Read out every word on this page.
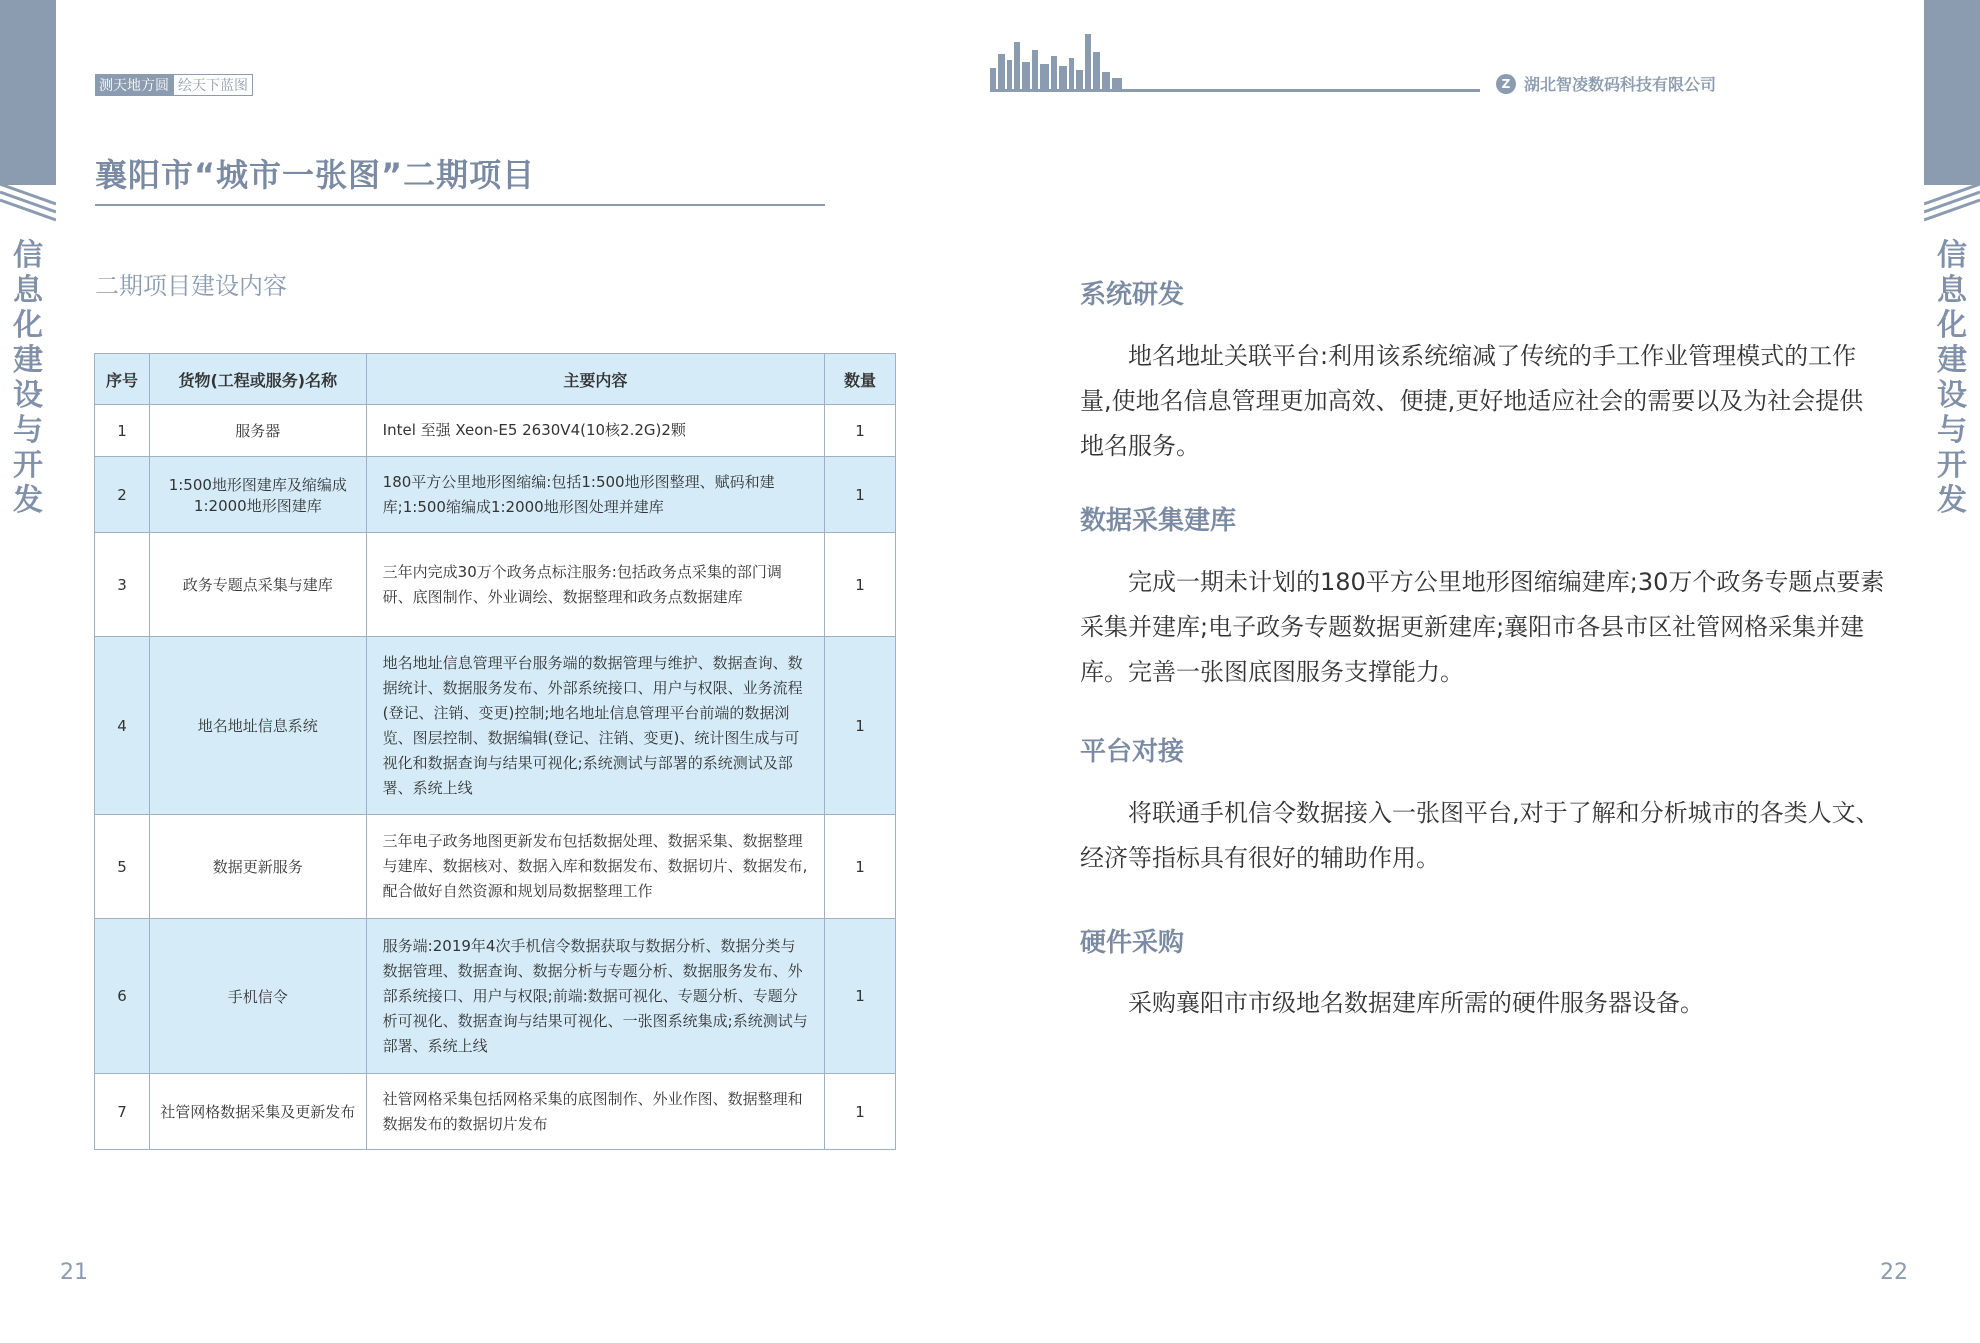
信
息
化
建
设
与
开
发
测天地方圆 绘天下蓝图
襄阳市“城市一张图”二期项目
二期项目建设内容
序号	货物(工程或服务)名称	主要内容	数量
1	服务器	Intel 至强 Xeon-E5 2630V4(10核2.2G)2颗	1
2	1:500地形图建库及缩编成1:2000地形图建库	180平方公里地形图缩编:包括1:500地形图整理、赋码和建库;1:500缩编成1:2000地形图处理并建库	1
3	政务专题点采集与建库	三年内完成30万个政务点标注服务:包括政务点采集的部门调研、底图制作、外业调绘、数据整理和政务点数据建库	1
4	地名地址信息系统	地名地址信息管理平台服务端的数据管理与维护、数据查询、数据统计、数据服务发布、外部系统接口、用户与权限、业务流程(登记、注销、变更)控制;地名地址信息管理平台前端的数据浏览、图层控制、数据编辑(登记、注销、变更)、统计图生成与可视化和数据查询与结果可视化;系统测试与部署的系统测试及部署、系统上线	1
5	数据更新服务	三年电子政务地图更新发布包括数据处理、数据采集、数据整理与建库、数据核对、数据入库和数据发布、数据切片、数据发布,配合做好自然资源和规划局数据整理工作	1
6	手机信令	服务端:2019年4次手机信令数据获取与数据分析、数据分类与数据管理、数据查询、数据分析与专题分析、数据服务发布、外部系统接口、用户与权限;前端:数据可视化、专题分析、专题分析可视化、数据查询与结果可视化、一张图系统集成;系统测试与部署、系统上线	1
7	社管网格数据采集及更新发布	社管网格采集包括网格采集的底图制作、外业作图、数据整理和数据发布的数据切片发布	1
21
Z 湖北智凌数码科技有限公司
系统研发
地名地址关联平台:利用该系统缩减了传统的手工作业管理模式的工作量,使地名信息管理更加高效、便捷,更好地适应社会的需要以及为社会提供地名服务。
数据采集建库
完成一期未计划的180平方公里地形图缩编建库;30万个政务专题点要素采集并建库;电子政务专题数据更新建库;襄阳市各县市区社管网格采集并建库。完善一张图底图服务支撑能力。
平台对接
将联通手机信令数据接入一张图平台,对于了解和分析城市的各类人文、经济等指标具有很好的辅助作用。
硬件采购
采购襄阳市市级地名数据建库所需的硬件服务器设备。
22
信
息
化
建
设
与
开
发
